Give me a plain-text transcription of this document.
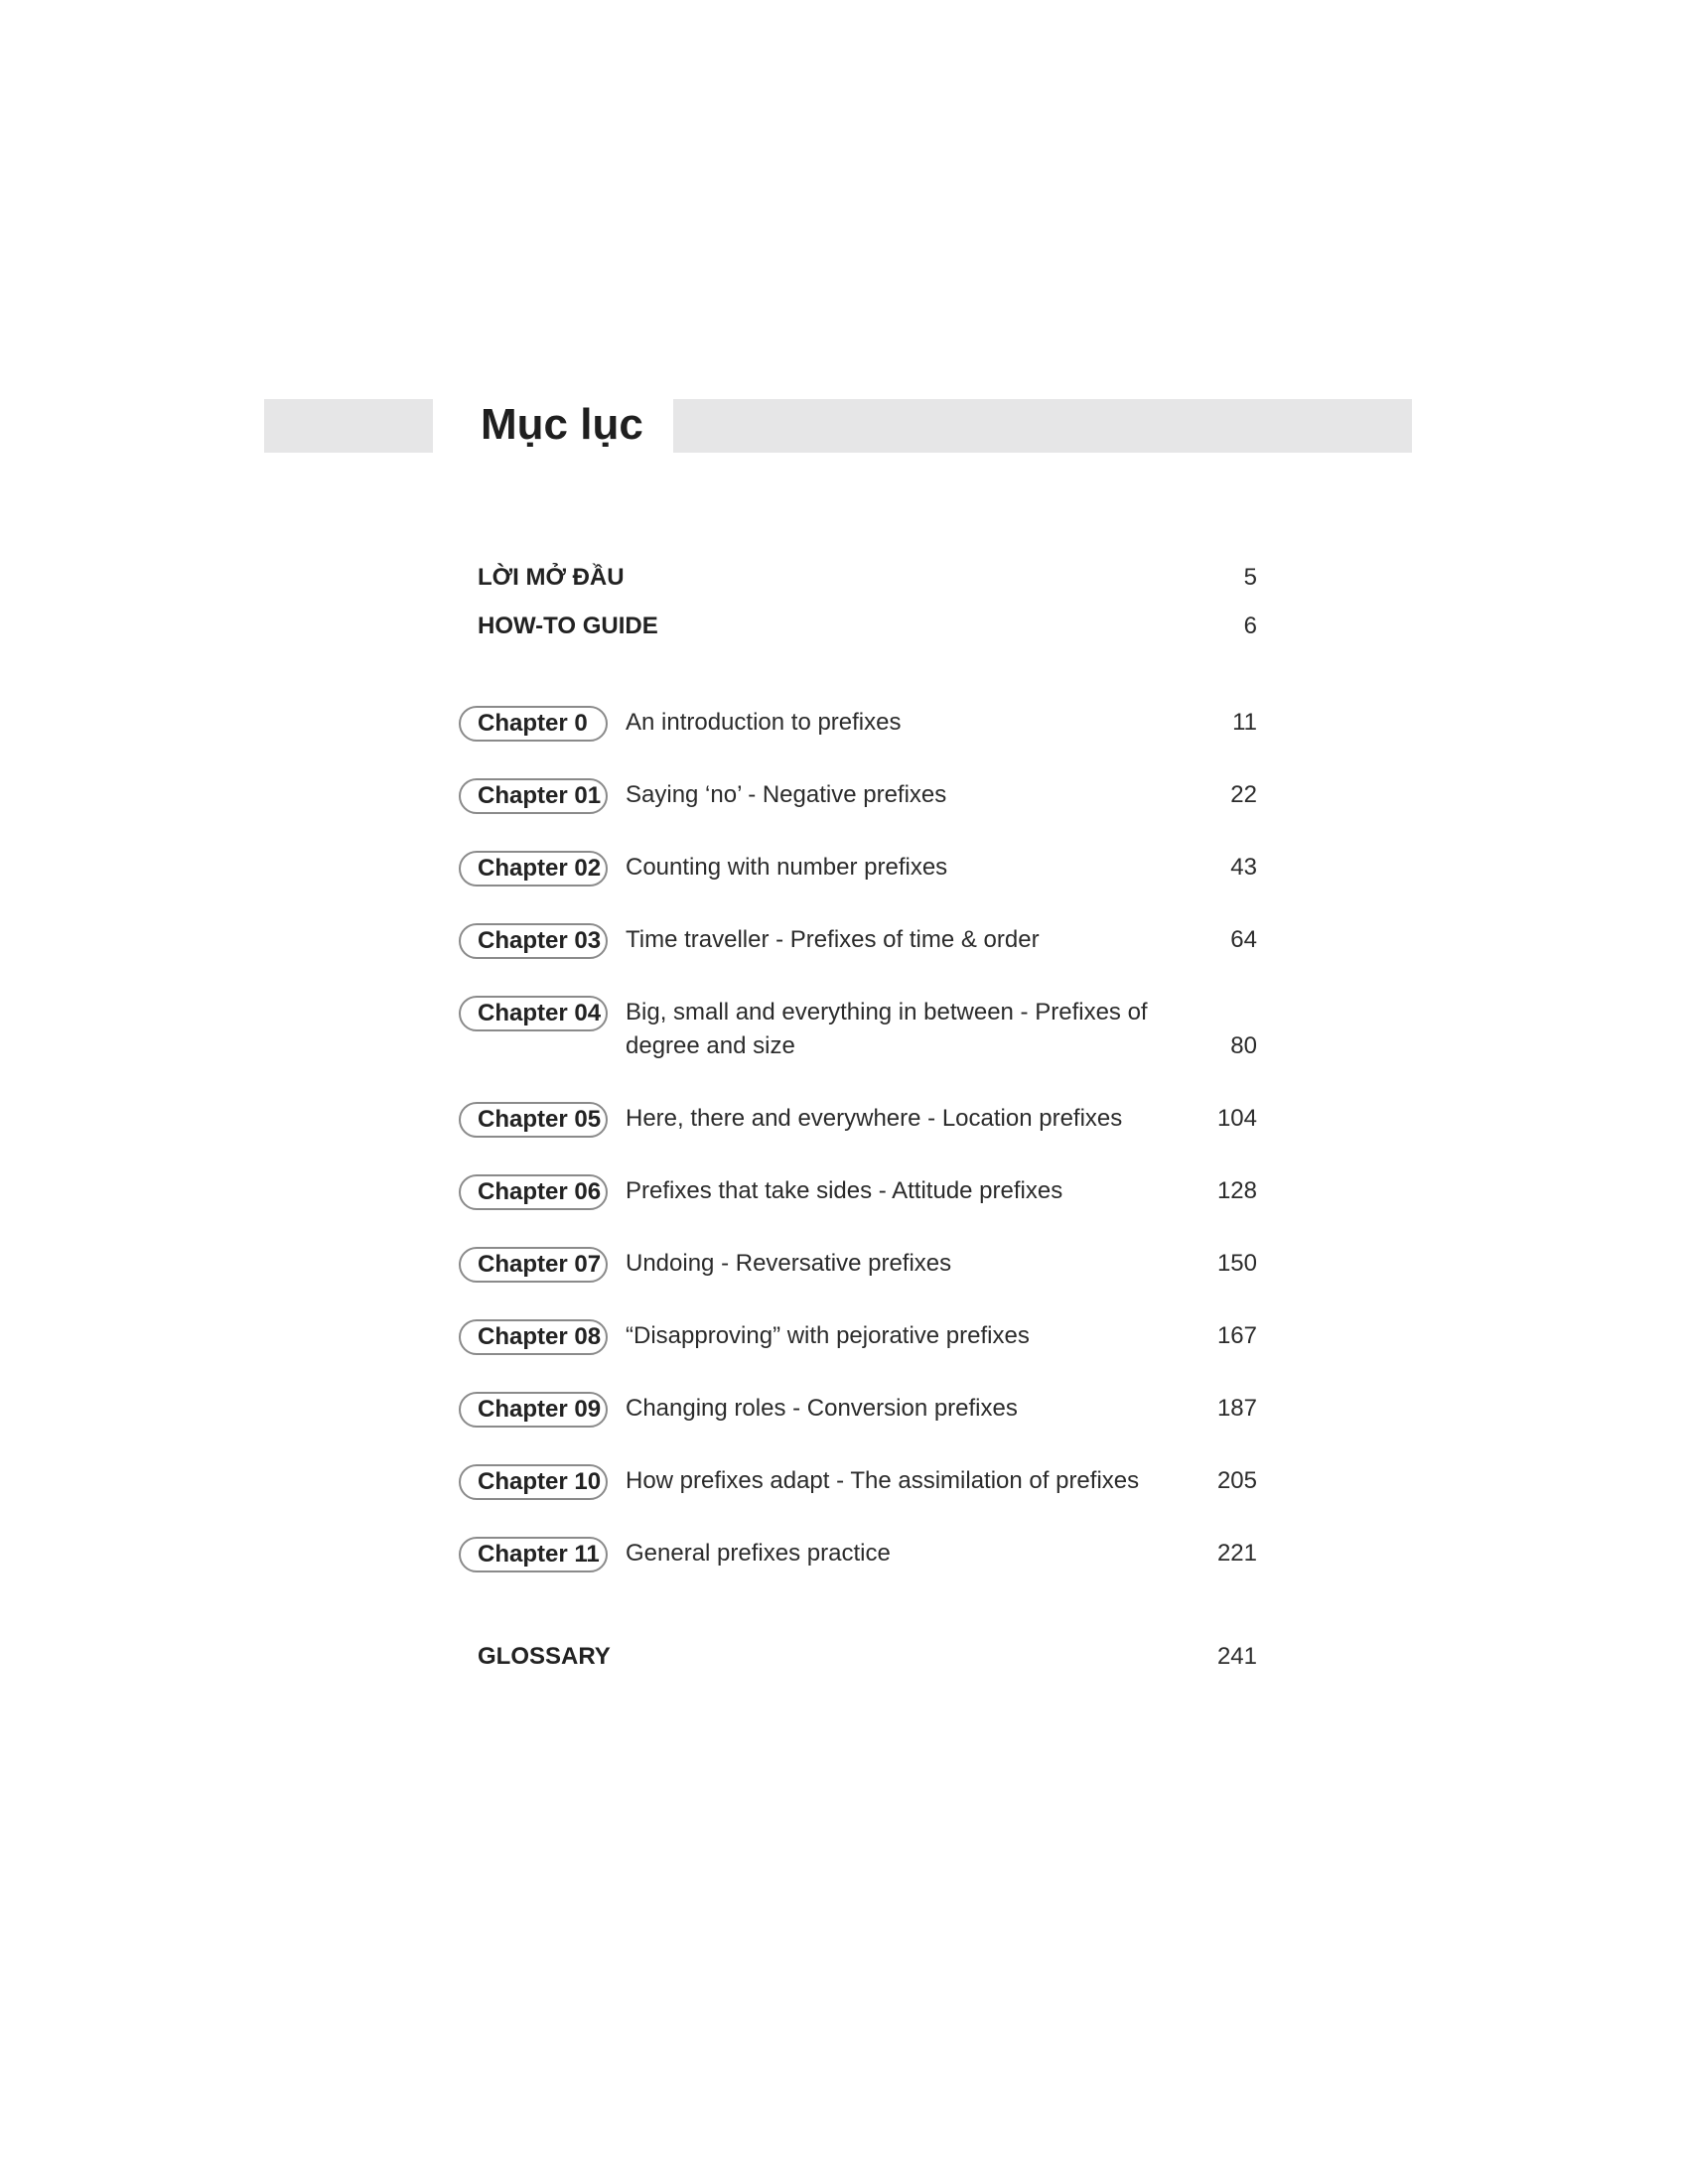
Mục lục
LỜI MỞ ĐẦU	5
HOW-TO GUIDE	6
Chapter 0	An introduction to prefixes	11
Chapter 01 Saying ‘no’ - Negative prefixes	22
Chapter 02 Counting with number prefixes	43
Chapter 03 Time traveller - Prefixes of time & order	64
Chapter 04 Big, small and everything in between - Prefixes of degree and size	80
Chapter 05 Here, there and everywhere - Location prefixes	104
Chapter 06 Prefixes that take sides - Attitude prefixes	128
Chapter 07 Undoing - Reversative prefixes	150
Chapter 08 “Disapproving” with pejorative prefixes	167
Chapter 09 Changing roles - Conversion prefixes	187
Chapter 10 How prefixes adapt - The assimilation of prefixes	205
Chapter 11	General prefixes practice	221
GLOSSARY	241
